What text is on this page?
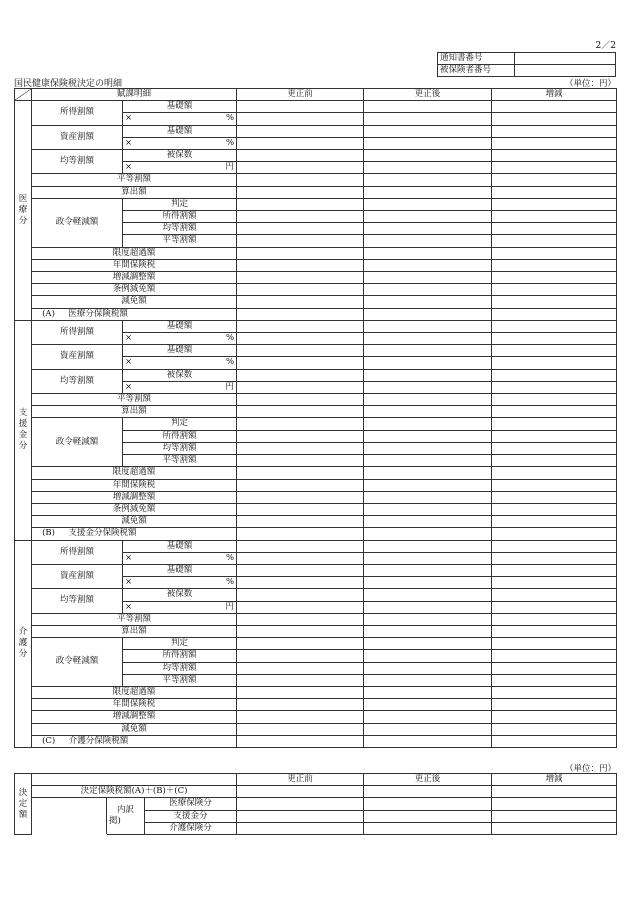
2／2
通知書番号	
被保険者番号	
国民健康保険税決定の明細	（単位：円）
	賦課明細		更正前	更正後	増減

医
療
分	所得割額	基礎額			

		× %			

	資産割額	基礎額			

		× %			

	均等割額	被保数			

		× 円			

	平等割額				
	算出額				
	政令軽減額	判定			
		所得割額			
		均等割額			
		平等割額			
	限度超過額				
	年間保険税				
	増減調整額				
	条例減免額				
	減免額				
	(A) 医療分保険税額				

支
援
金
分	所得割額	基礎額			

		× %			

	資産割額	基礎額			

		× %			

	均等割額	被保数			

		× 円			

	平等割額				
	算出額				
	政令軽減額	判定			
		所得割額			
		均等割額			
		平等割額			
	限度超過額				
	年間保険税				
	増減調整額				
	条例減免額				
	減免額				
	(B) 支援金分保険税額				

介
護
分	所得割額	基礎額			

		× %			

	資産割額	基礎額			

		× %			

	均等割額	被保数			

		× 円			

	平等割額				
	算出額				
	政令軽減額	判定			
		所得割額			
		均等割額			
		平等割額			
	限度超過額				
	年間保険税				
	増減調整額				
	減免額				
	(C) 介護分保険税額				
（単位：円）
決
定
額				更正前	更正後	増減
	決定保険税額(A)＋(B)＋(C)					

		内訳
掲)	医療保険分			
			支援金分			
			介護保険分			
